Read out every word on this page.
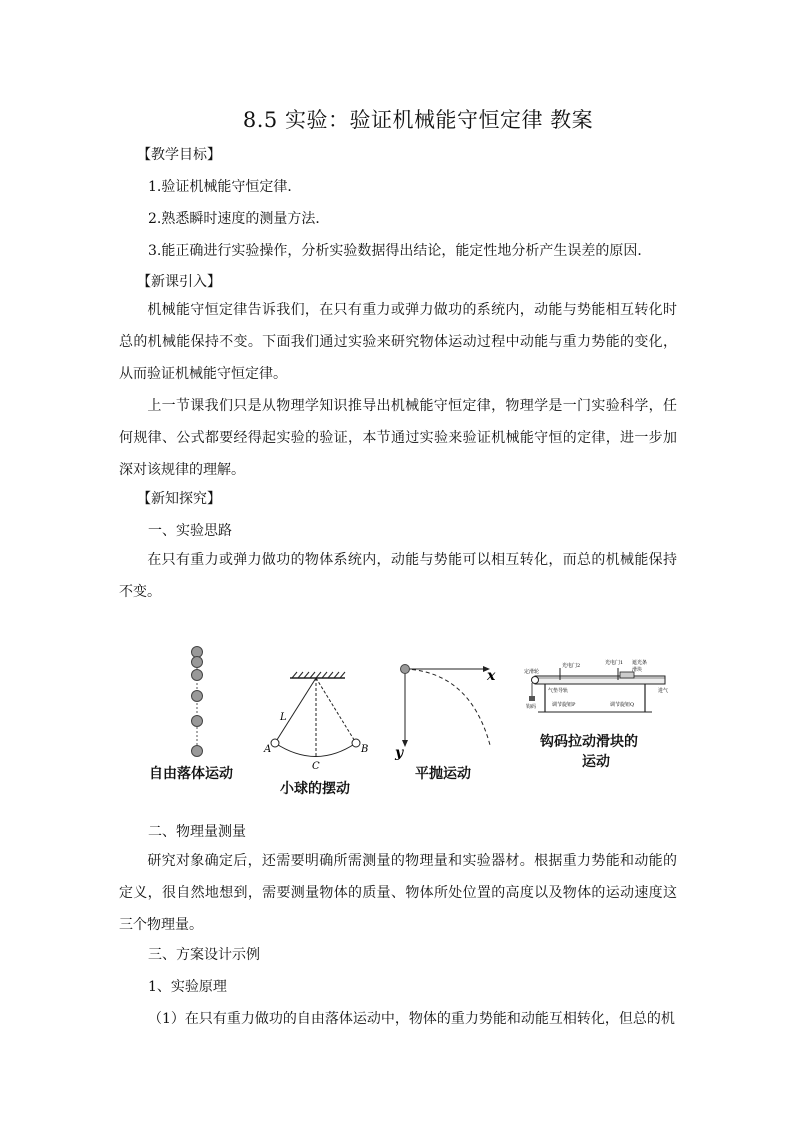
8.5 实验：验证机械能守恒定律 教案
【教学目标】
1.验证机械能守恒定律．
2.熟悉瞬时速度的测量方法．
3.能正确进行实验操作，分析实验数据得出结论，能定性地分析产生误差的原因．
【新课引入】
机械能守恒定律告诉我们，在只有重力或弹力做功的系统内，动能与势能相互转化时总的机械能保持不变。下面我们通过实验来研究物体运动过程中动能与重力势能的变化，从而验证机械能守恒定律。
上一节课我们只是从物理学知识推导出机械能守恒定律，物理学是一门实验科学，任何规律、公式都要经得起实验的验证，本节通过实验来验证机械能守恒的定律，进一步加深对该规律的理解。
【新知探究】
一、实验思路
在只有重力或弹力做功的物体系统内，动能与势能可以相互转化，而总的机械能保持不变。
L
A	B
C
x
y
定滑轮
光电门2	光电门1 遮光条
滑块
气垫导轨
钩码	调节旋钮P	调节旋钮Q
进气
自由落体运动
小球的摆动
平抛运动
钩码拉动滑块的
运动
二、物理量测量
研究对象确定后，还需要明确所需测量的物理量和实验器材。根据重力势能和动能的定义，很自然地想到，需要测量物体的质量、物体所处位置的高度以及物体的运动速度这三个物理量。
三、方案设计示例
1、实验原理
（1）在只有重力做功的自由落体运动中，物体的重力势能和动能互相转化，但总的机
